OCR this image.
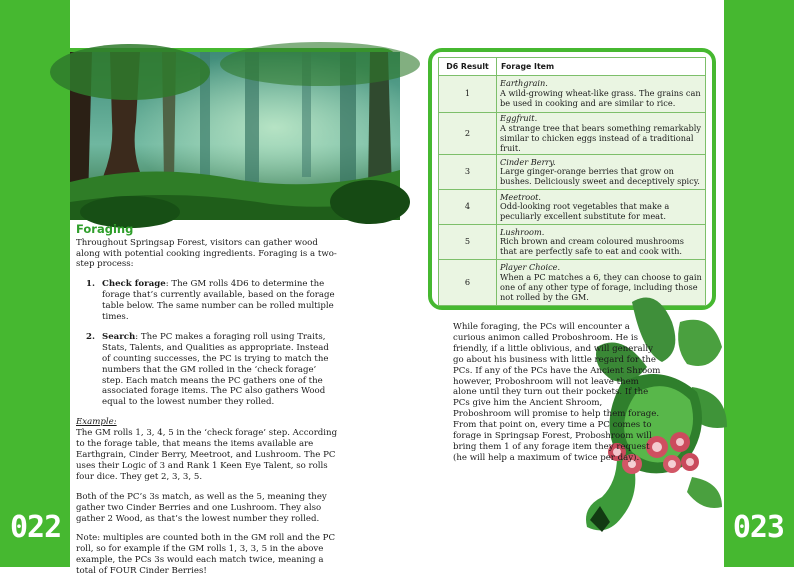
022	023
Foraging
Throughout Springsap Forest, visitors can gather wood along with potential cooking ingredients. Foraging is a two-step process:
1. Check forage: The GM rolls 4D6 to determine the forage that’s currently available, based on the forage table below. The same number can be rolled multiple times.
2. Search: The PC makes a foraging roll using Traits, Stats, Talents, and Qualities as appropriate. Instead of counting successes, the PC is trying to match the numbers that the GM rolled in the ‘check forage’ step. Each match means the PC gathers one of the associated forage items. The PC also gathers Wood equal to the lowest number they rolled.
Example:
The GM rolls 1, 3, 4, 5 in the ‘check forage’ step. According to the forage table, that means the items available are Earthgrain, Cinder Berry, Meetroot, and Lushroom. The PC uses their Logic of 3 and Rank 1 Keen Eye Talent, so rolls four dice. They get 2, 3, 3, 5.
Both of the PC’s 3s match, as well as the 5, meaning they gather two Cinder Berries and one Lushroom. They also gather 2 Wood, as that’s the lowest number they rolled.
Note: multiples are counted both in the GM roll and the PC roll, so for example if the GM rolls 1, 3, 3, 5 in the above example, the PCs 3s would each match twice, meaning a total of FOUR Cinder Berries!
D6 Result	Forage Item
1	Earthgrain.
A wild-growing wheat-like grass. The grains can be used in cooking and are similar to rice.
2	Eggfruit.
A strange tree that bears something remarkably similar to chicken eggs instead of a traditional fruit.
3	Cinder Berry.
Large ginger-orange berries that grow on bushes. Deliciously sweet and deceptively spicy.
4	Meetroot.
Odd-looking root vegetables that make a peculiarly excellent substitute for meat.
5	Lushroom.
Rich brown and cream coloured mushrooms that are perfectly safe to eat and cook with.
6	Player Choice.
When a PC matches a 6, they can choose to gain one of any other type of forage, including those not rolled by the GM.
While foraging, the PCs will encounter a curious animon called Proboshroom. He is friendly, if a little oblivious, and will generally go about his business with little regard for the PCs. If any of the PCs have the Ancient Shroom however, Proboshroom will not leave them alone until they turn out their pockets. If the PCs give him the Ancient Shroom, Proboshroom will promise to help them forage. From that point on, every time a PC comes to forage in Springsap Forest, Proboshroom will bring them 1 of any forage item they request (he will help a maximum of twice per day).
